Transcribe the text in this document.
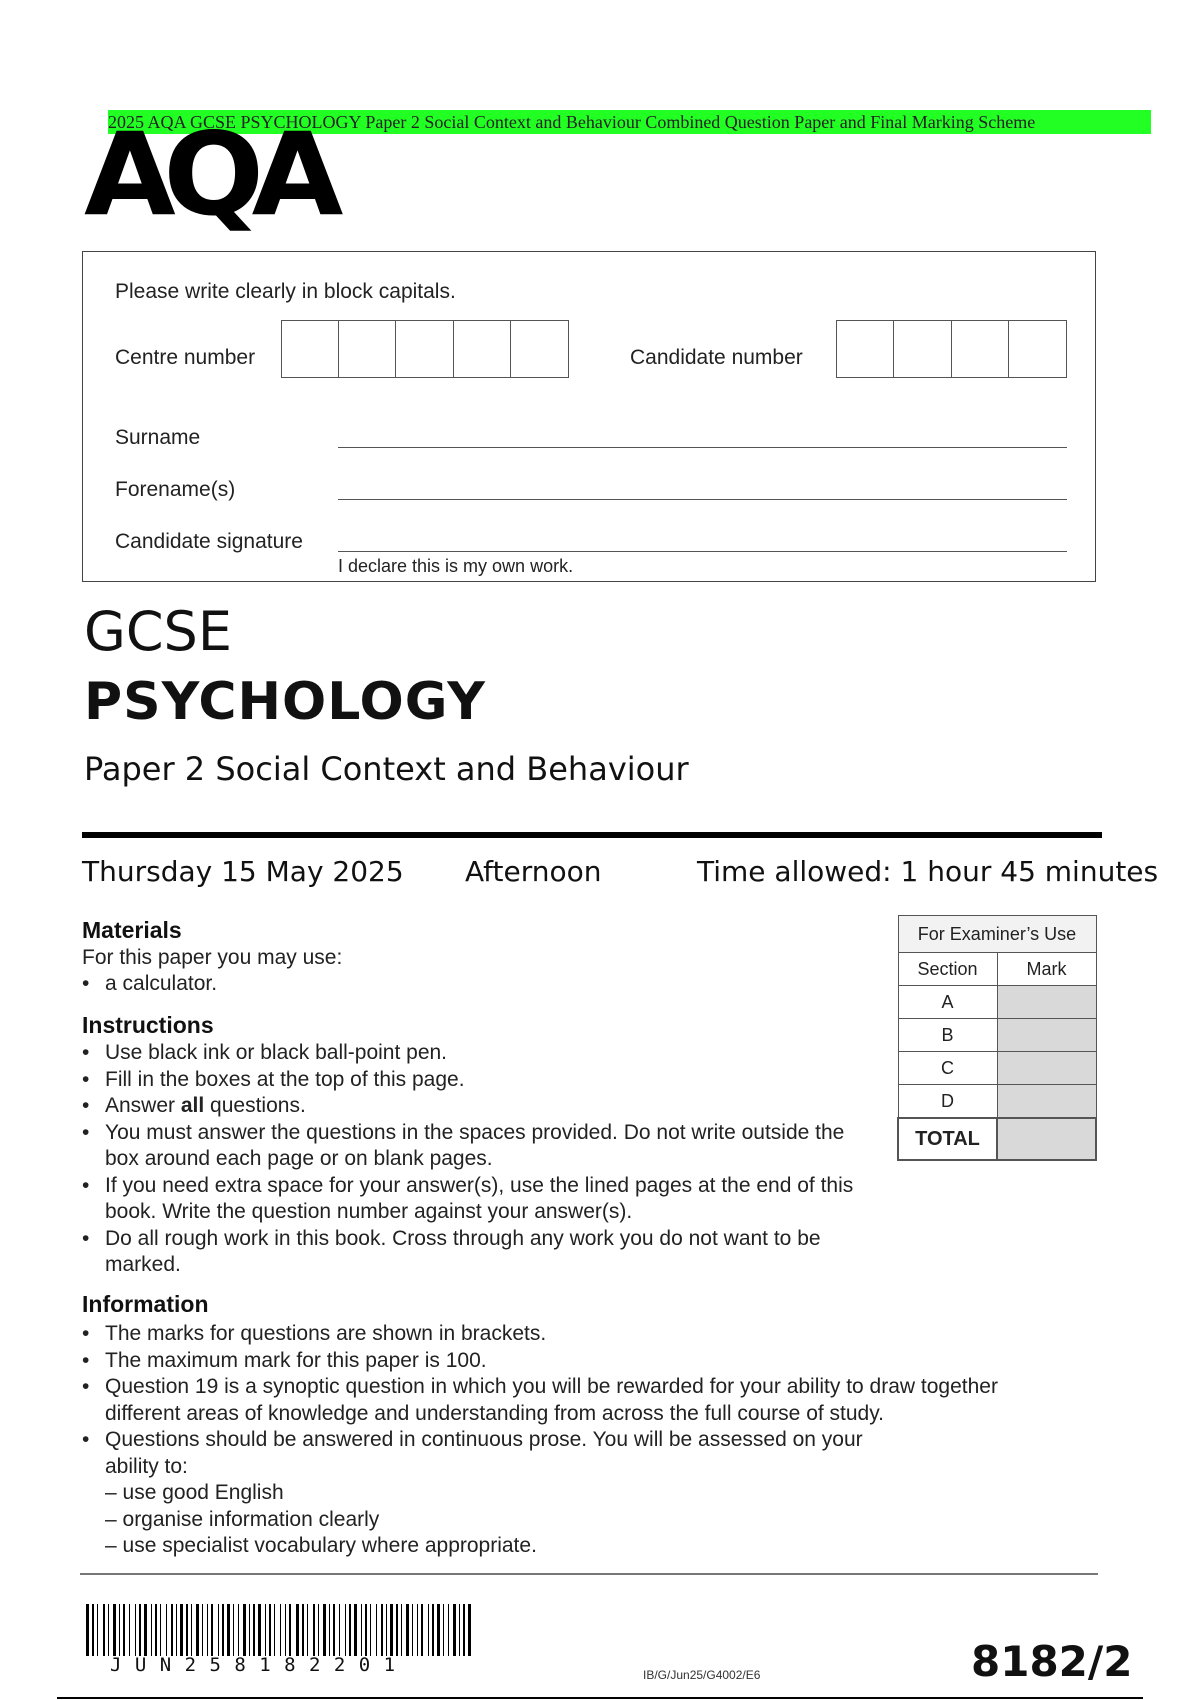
2025 AQA GCSE PSYCHOLOGY Paper 2 Social Context and Behaviour Combined Question Paper and Final Marking Scheme
AQA
Please write clearly in block capitals.
Centre number	Candidate number
Surname
Forename(s)
Candidate signature
I declare this is my own work.
GCSE
PSYCHOLOGY
Paper 2 Social Context and Behaviour
Thursday 15 May 2025 Afternoon	Time allowed: 1 hour 45 minutes
Materials
For this paper you may use:
• a calculator.
Instructions
• Use black ink or black ball-point pen.
• Fill in the boxes at the top of this page.
• Answer all questions.
• You must answer the questions in the spaces provided. Do not write outside the box around each page or on blank pages.
• If you need extra space for your answer(s), use the lined pages at the end of this book. Write the question number against your answer(s).
• Do all rough work in this book. Cross through any work you do not want to be marked.
Information
• The marks for questions are shown in brackets.
• The maximum mark for this paper is 100.
• Question 19 is a synoptic question in which you will be rewarded for your ability to draw together different areas of knowledge and understanding from across the full course of study.
• Questions should be answered in continuous prose. You will be assessed on your ability to:
– use good English
– organise information clearly
– use specialist vocabulary where appropriate.
For Examiner’s Use	
Section	Mark
A	
B	
C	
D	
TOTAL	
J U N 2 5 8 1 8 2 2 0 1	IB/G/Jun25/G4002/E6	8182/2
